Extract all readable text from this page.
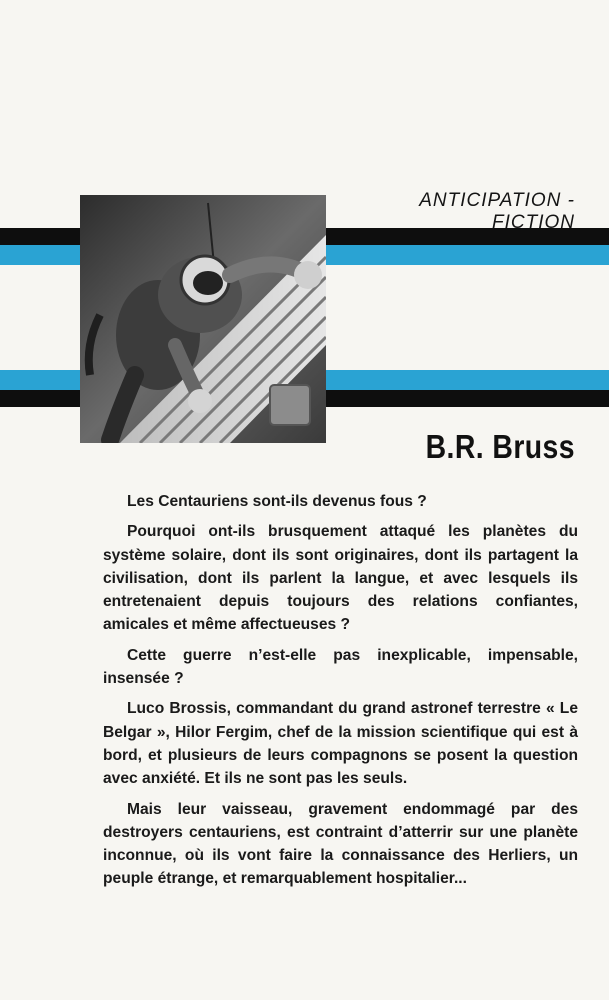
ANTICIPATION - FICTION
B.R. Bruss

Les Centauriens sont-ils devenus fous ?

Pourquoi ont-ils brusquement attaqué les planètes du système solaire, dont ils sont originaires, dont ils partagent la civilisation, dont ils parlent la langue, et avec lesquels ils entretenaient depuis toujours des relations confiantes, amicales et même affectueuses ?

Cette guerre n’est-elle pas inexplicable, impensable, insensée ?

Luco Brossis, commandant du grand astronef terrestre « Le Belgar », Hilor Fergim, chef de la mission scientifique qui est à bord, et plusieurs de leurs compagnons se posent la question avec anxiété. Et ils ne sont pas les seuls.

Mais leur vaisseau, gravement endommagé par des destroyers centauriens, est contraint d’atterrir sur une planète inconnue, où ils vont faire la connaissance des Herliers, un peuple étrange, et remarquablement hospitalier...
